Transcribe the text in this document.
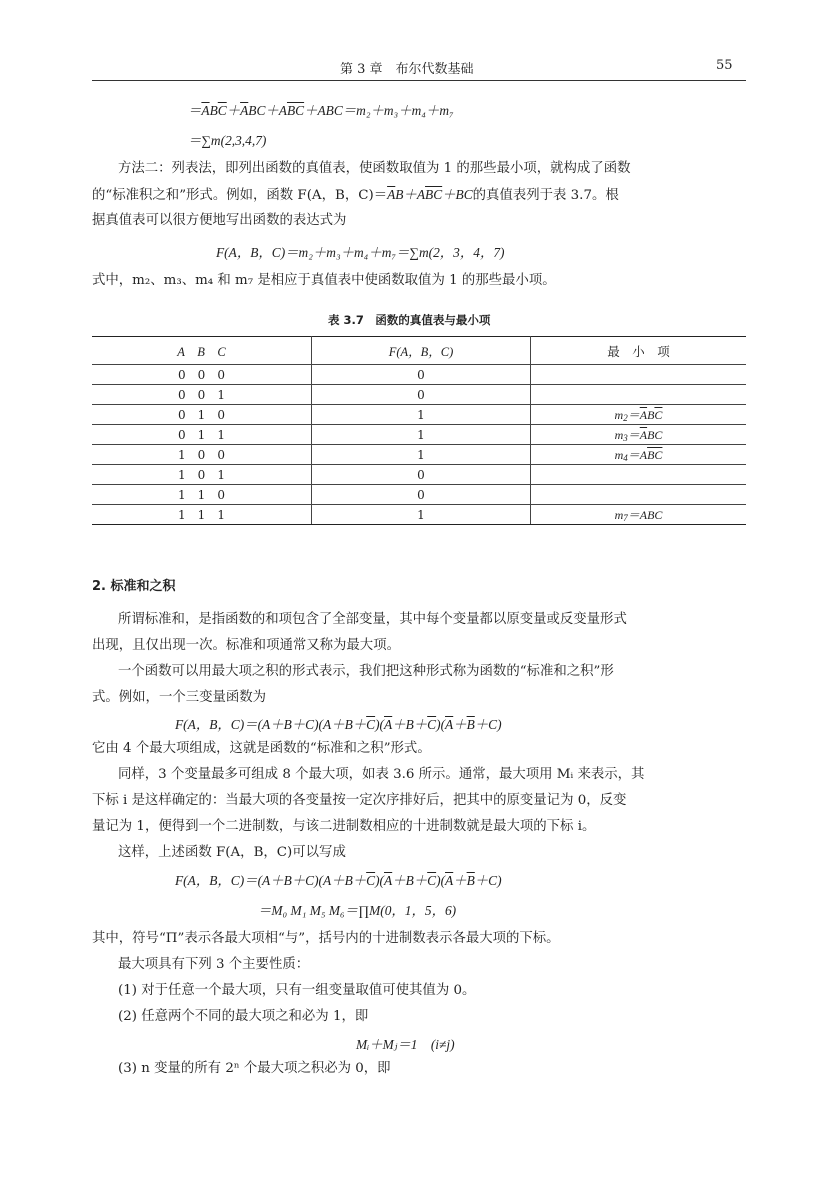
第 3 章　布尔代数基础	55
$=\overline{A}B\overline{C}+\overline{A}BC+A\overline{BC}+ABC=m_2+m_3+m_4+m_7$
＝∑m(2,3,4,7)
方法二：列表法，即列出函数的真值表，使函数取值为 1 的那些最小项，就构成了函数
的“标准积之和”形式。例如，函数 F(A，B，$C)=\overline{A}B+A\overline{BC}+BC$的真值表列于表 3.7。根
据真值表可以很方便地写出函数的表达式为
F(A，B，C)＝m₂＋m₃＋m₄＋m₇＝∑m(2，3，4，7)
式中，m₂、m₃、m₄ 和 m₇ 是相应于真值表中使函数取值为 1 的那些最小项。
表 3.7　函数的真值表与最小项
A　B　C	F(A，B，C)	最　小　项
0　0　0	0	
0　0　1	0	
0　1　0	1	$m_2=\overline{A}B\overline{C}$
0　1　1	1	$m_3=\overline{A}BC$
1　0　0	1	$m_4=A\overline{BC}$
1　0　1	0	
1　1　0	0	
1　1　1	1	$m_7=ABC$
2. 标准和之积
所谓标准和，是指函数的和项包含了全部变量，其中每个变量都以原变量或反变量形式
出现，且仅出现一次。标准和项通常又称为最大项。
一个函数可以用最大项之积的形式表示，我们把这种形式称为函数的“标准和之积”形
式。例如，一个三变量函数为
F(A，B，$C)=(A+B+C)(A+B+\overline{C})(\overline{A}+B+\overline{C})(\overline{A}+\overline{B}+C)$
它由 4 个最大项组成，这就是函数的“标准和之积”形式。
同样，3 个变量最多可组成 8 个最大项，如表 3.6 所示。通常，最大项用 Mᵢ 来表示，其
下标 i 是这样确定的：当最大项的各变量按一定次序排好后，把其中的原变量记为 0，反变
量记为 1，便得到一个二进制数，与该二进制数相应的十进制数就是最大项的下标 i。
这样，上述函数 F(A，B，C)可以写成
F(A，B，$C)=(A+B+C)(A+B+\overline{C})(\overline{A}+B+\overline{C})(\overline{A}+\overline{B}+C)$
＝M₀ M₁ M₅ M₆＝∏M(0，1，5，6)
其中，符号“Π”表示各最大项相“与”，括号内的十进制数表示各最大项的下标。
最大项具有下列 3 个主要性质：
(1) 对于任意一个最大项，只有一组变量取值可使其值为 0。
(2) 任意两个不同的最大项之和必为 1，即
Mᵢ＋Mⱼ＝1　(i≠j)
(3) n 变量的所有 2ⁿ 个最大项之积必为 0，即
